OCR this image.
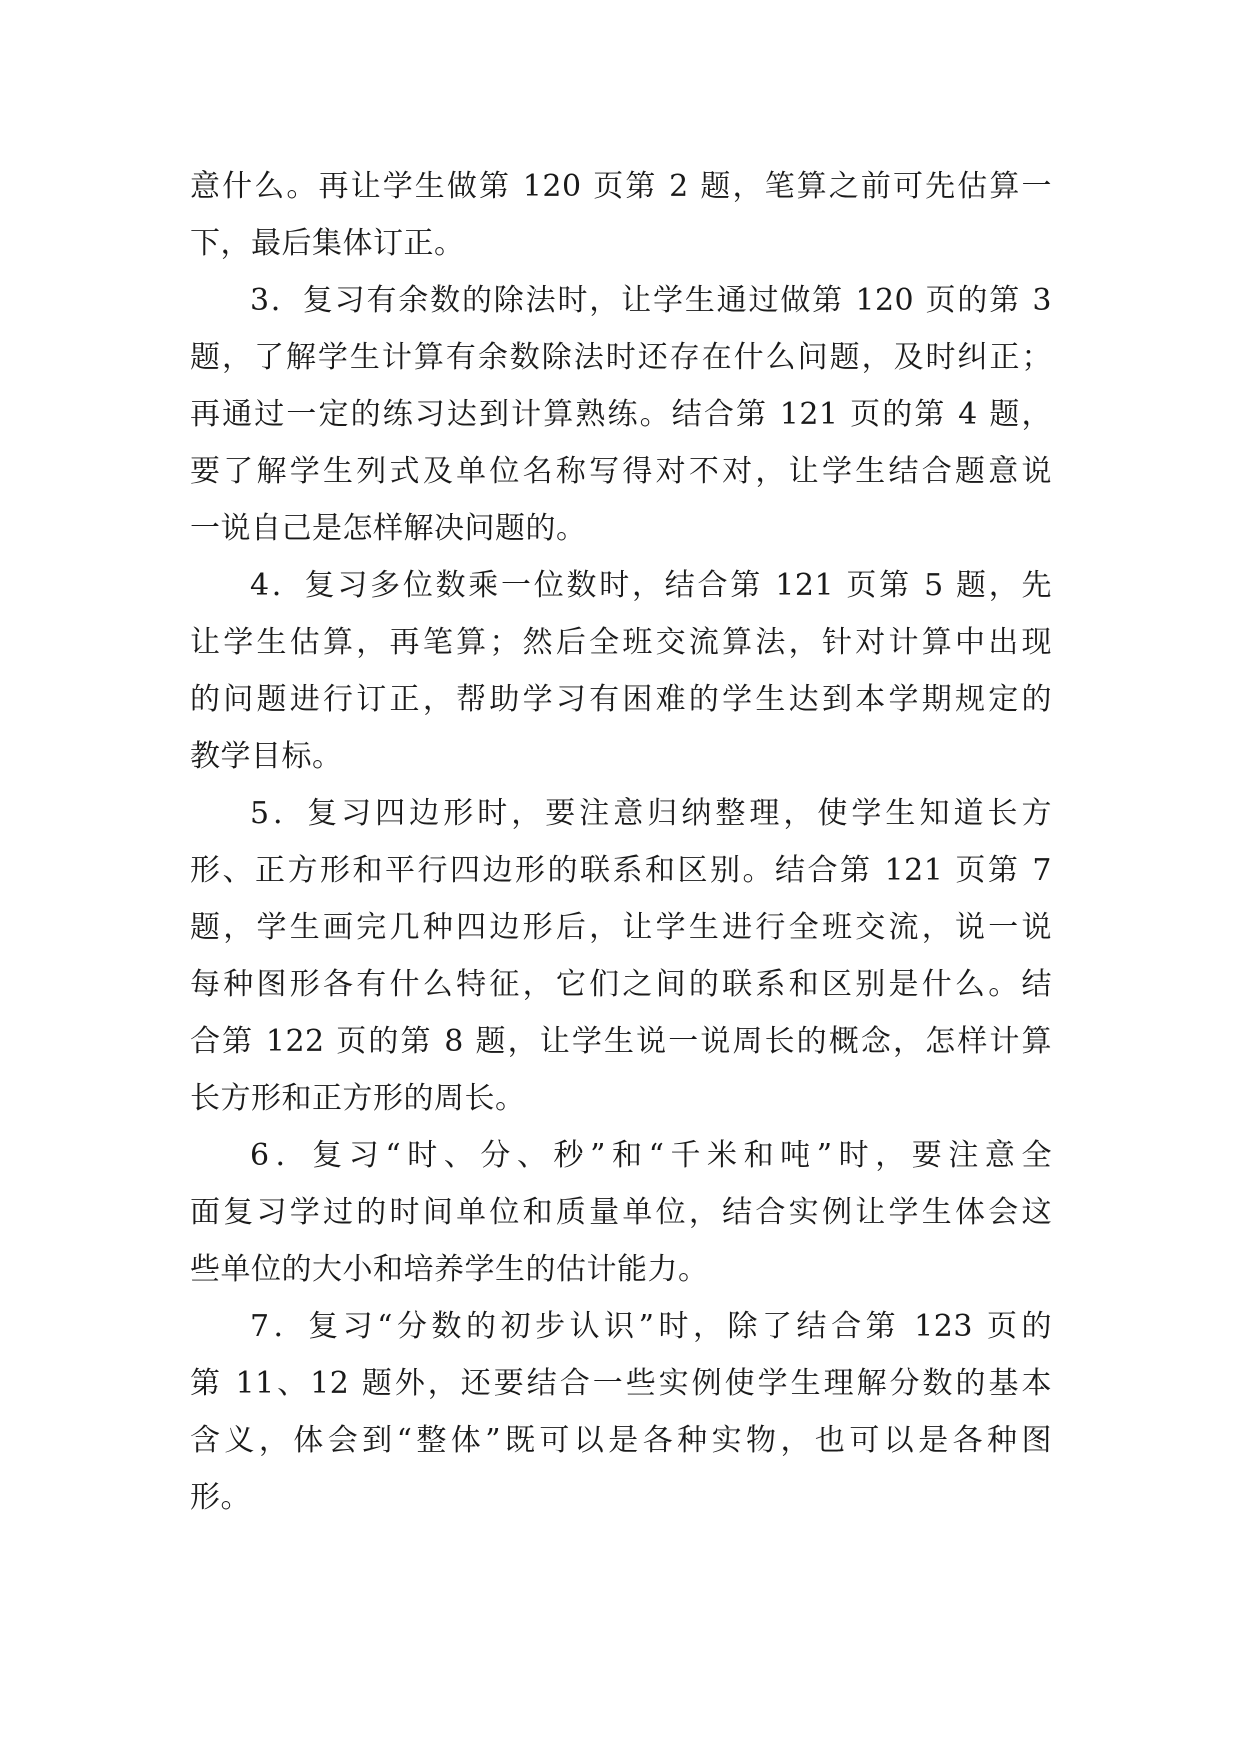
意什么。再让学生做第 120 页第 2 题，笔算之前可先估算一
下，最后集体订正。
3．复习有余数的除法时，让学生通过做第 120 页的第 3
题，了解学生计算有余数除法时还存在什么问题，及时纠正；
再通过一定的练习达到计算熟练。结合第 121 页的第 4 题，
要了解学生列式及单位名称写得对不对，让学生结合题意说
一说自己是怎样解决问题的。
4．复习多位数乘一位数时，结合第 121 页第 5 题，先
让学生估算，再笔算；然后全班交流算法，针对计算中出现
的问题进行订正，帮助学习有困难的学生达到本学期规定的
教学目标。
5．复习四边形时，要注意归纳整理，使学生知道长方
形、正方形和平行四边形的联系和区别。结合第 121 页第 7
题，学生画完几种四边形后，让学生进行全班交流，说一说
每种图形各有什么特征，它们之间的联系和区别是什么。结
合第 122 页的第 8 题，让学生说一说周长的概念，怎样计算
长方形和正方形的周长。
6．复习“时、分、秒”和“千米和吨”时，要注意全
面复习学过的时间单位和质量单位，结合实例让学生体会这
些单位的大小和培养学生的估计能力。
7．复习“分数的初步认识”时，除了结合第 123 页的
第 11、12 题外，还要结合一些实例使学生理解分数的基本
含义，体会到“整体”既可以是各种实物，也可以是各种图
形。
